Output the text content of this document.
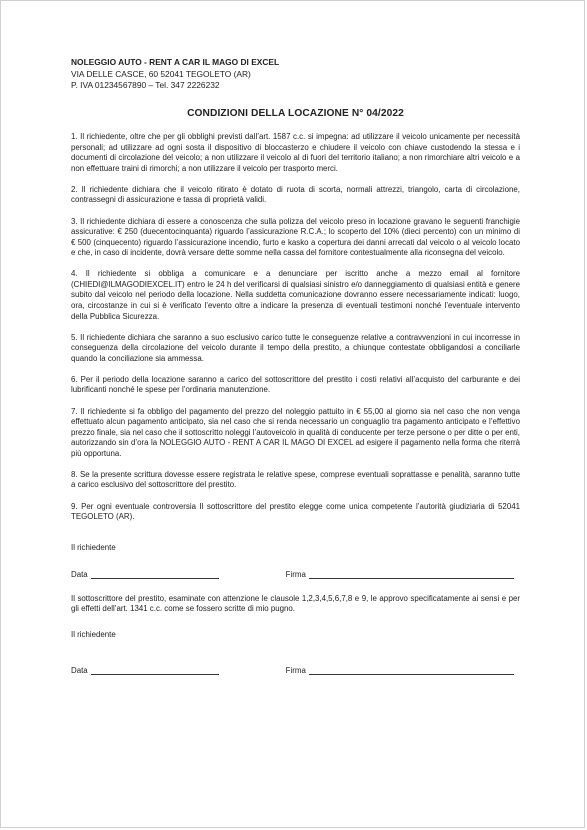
NOLEGGIO AUTO - RENT A CAR IL MAGO DI EXCEL
VIA DELLE CASCE, 60 52041 TEGOLETO (AR)
P. IVA 01234567890 – Tel. 347 2226232
CONDIZIONI DELLA LOCAZIONE N° 04/2022

1. Il richiedente, oltre che per gli obblighi previsti dall’art. 1587 c.c. si impegna: ad utilizzare il veicolo unicamente per necessità personali; ad utilizzare ad ogni sosta il dispositivo di bloccasterzo e chiudere il veicolo con chiave custodendo la stessa e i documenti di circolazione del veicolo; a non utilizzare il veicolo al di fuori del territorio italiano; a non rimorchiare altri veicolo e a non effettuare traini di rimorchi; a non utilizzare il veicolo per trasporto merci.

2. Il richiedente dichiara che il veicolo ritirato è dotato di ruota di scorta, normali attrezzi, triangolo, carta di circolazione, contrassegni di assicurazione e tassa di proprietà validi.

3. Il richiedente dichiara di essere a conoscenza che sulla polizza del veicolo preso in locazione gravano le seguenti franchigie assicurative: € 250 (duecentocinquanta) riguardo l’assicurazione R.C.A.; lo scoperto del 10% (dieci percento) con un minimo di € 500 (cinquecento) riguardo l’assicurazione incendio, furto e kasko a copertura dei danni arrecati dal veicolo o al veicolo locato e che, in caso di incidente, dovrà versare dette somme nella cassa del fornitore contestualmente alla riconsegna del veicolo.

4. Il richiedente si obbliga a comunicare e a denunciare per iscritto anche a mezzo email al fornitore (CHIEDI@ILMAGODIEXCEL.IT) entro le 24 h del verificarsi di qualsiasi sinistro e/o danneggiamento di qualsiasi entità e genere subito dal veicolo nel periodo della locazione. Nella suddetta comunicazione dovranno essere necessariamente indicati: luogo, ora, circostanze in cui si è verificato l’evento oltre a indicare la presenza di eventuali testimoni nonché l’eventuale intervento della Pubblica Sicurezza.

5. Il richiedente dichiara che saranno a suo esclusivo carico tutte le conseguenze relative a contravvenzioni in cui incorresse in conseguenza della circolazione del veicolo durante il tempo della prestito, a chiunque contestate obbligandosi a conciliarle quando la conciliazione sia ammessa.

6. Per il periodo della locazione saranno a carico del sottoscrittore del prestito i costi relativi all’acquisto del carburante e dei lubrificanti nonché le spese per l’ordinaria manutenzione.

7. Il richiedente si fa obbligo del pagamento del prezzo del noleggio pattuito in € 55,00 al giorno sia nel caso che non venga effettuato alcun pagamento anticipato, sia nel caso che si renda necessario un conguaglio tra pagamento anticipato e l’effettivo prezzo finale, sia nel caso che il sottoscritto noleggi l’autoveicolo in qualità di conducente per terze persone o per ditte o per enti, autorizzando sin d’ora la NOLEGGIO AUTO - RENT A CAR IL MAGO DI EXCEL ad esigere il pagamento nella forma che riterrà più opportuna.

8. Se la presente scrittura dovesse essere registrata le relative spese, comprese eventuali soprattasse e penalità, saranno tutte a carico esclusivo del sottoscrittore del prestito.

9. Per ogni eventuale controversia Il sottoscrittore del prestito elegge come unica competente l’autorità giudiziaria di 52041 TEGOLETO (AR).

Il richiedente
Data	Firma
Il sottoscrittore del prestito, esaminate con attenzione le clausole 1,2,3,4,5,6,7,8 e 9, le approvo specificatamente ai sensi e per gli effetti dell’art. 1341 c.c. come se fossero scritte di mio pugno.
Il richiedente
Data	Firma
